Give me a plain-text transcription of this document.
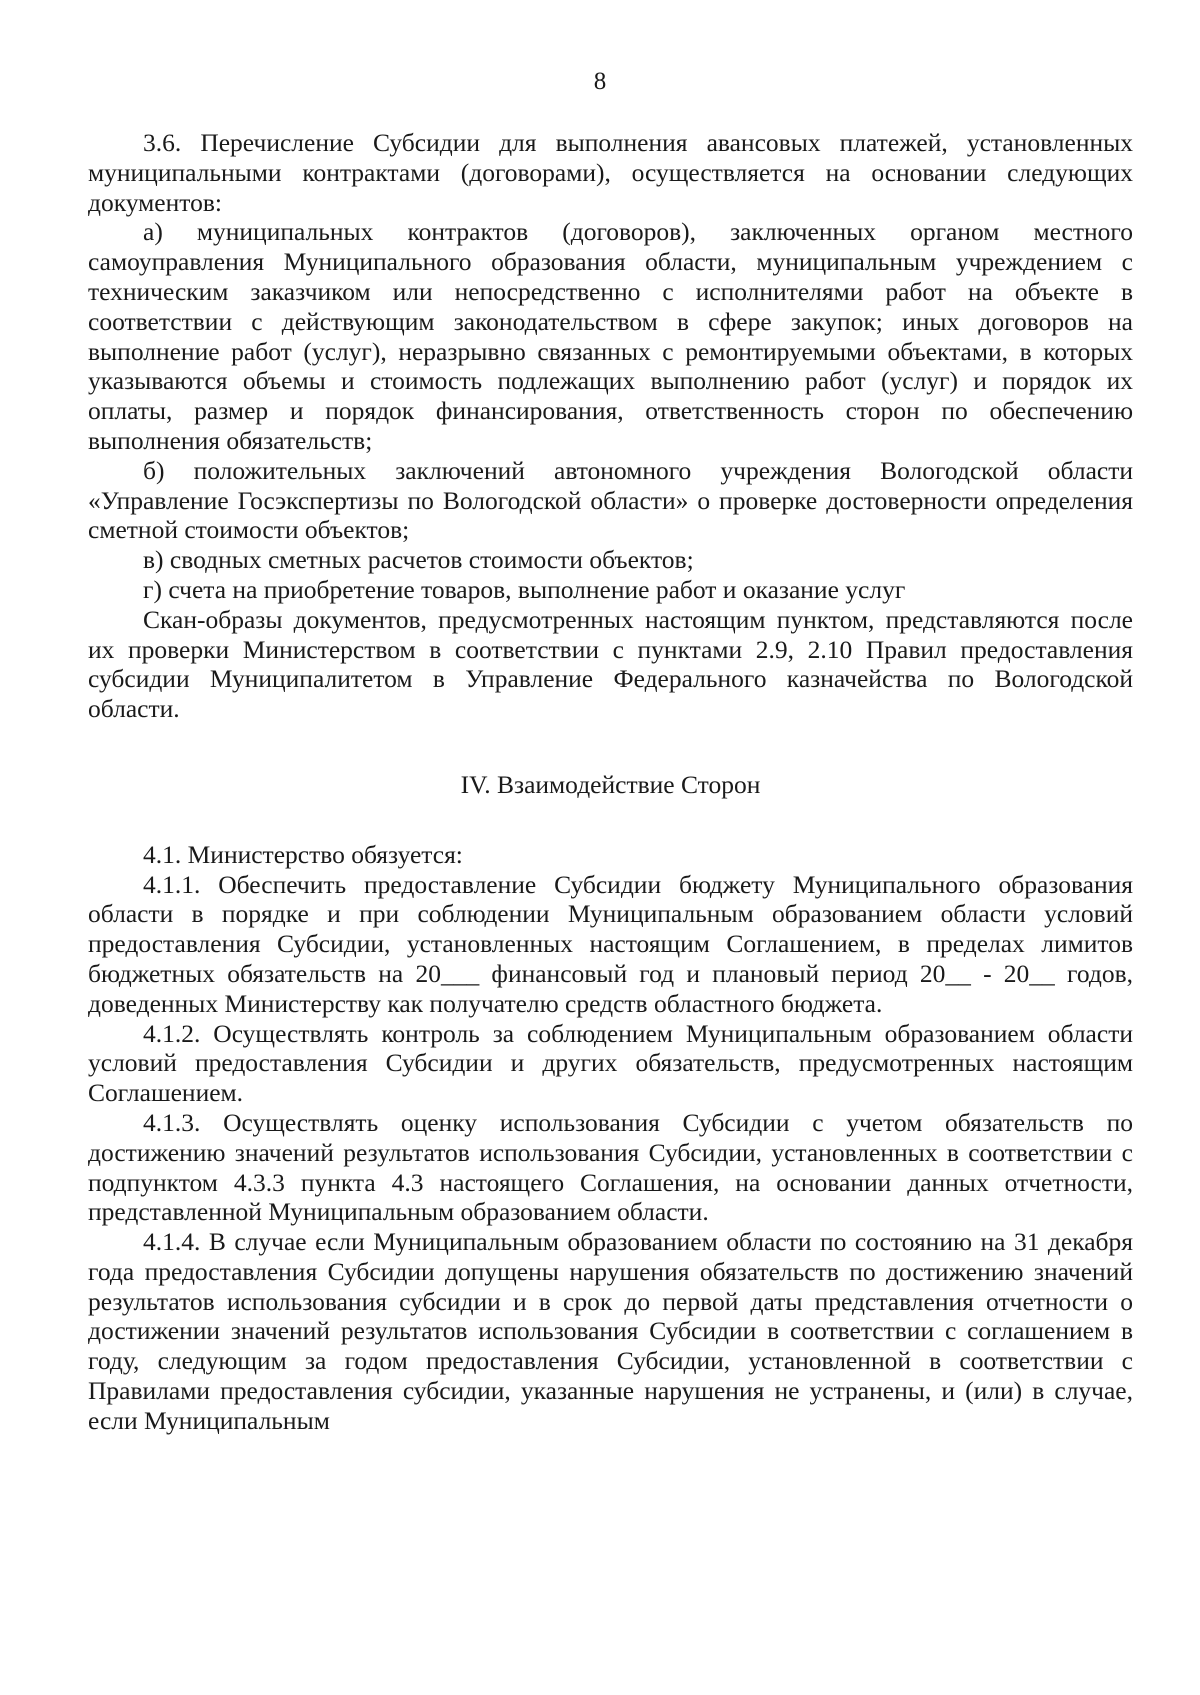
8

3.6. Перечисление Субсидии для выполнения авансовых платежей, установленных муниципальными контрактами (договорами), осуществляется на основании следующих документов:

а) муниципальных контрактов (договоров), заключенных органом местного самоуправления Муниципального образования области, муниципальным учреждением с техническим заказчиком или непосредственно с исполнителями работ на объекте в соответствии с действующим законодательством в сфере закупок; иных договоров на выполнение работ (услуг), неразрывно связанных с ремонтируемыми объектами, в которых указываются объемы и стоимость подлежащих выполнению работ (услуг) и порядок их оплаты, размер и порядок финансирования, ответственность сторон по обеспечению выполнения обязательств;

б) положительных заключений автономного учреждения Вологодской области «Управление Госэкспертизы по Вологодской области» о проверке достоверности определения сметной стоимости объектов;

в) сводных сметных расчетов стоимости объектов;

г) счета на приобретение товаров, выполнение работ и оказание услуг

Скан-образы документов, предусмотренных настоящим пунктом, представляются после их проверки Министерством в соответствии с пунктами 2.9, 2.10 Правил предоставления субсидии Муниципалитетом в Управление Федерального казначейства по Вологодской области.

IV. Взаимодействие Сторон

4.1. Министерство обязуется:

4.1.1. Обеспечить предоставление Субсидии бюджету Муниципального образования области в порядке и при соблюдении Муниципальным образованием области условий предоставления Субсидии, установленных настоящим Соглашением, в пределах лимитов бюджетных обязательств на 20___ финансовый год и плановый период 20__ - 20__ годов, доведенных Министерству как получателю средств областного бюджета.

4.1.2. Осуществлять контроль за соблюдением Муниципальным образованием области условий предоставления Субсидии и других обязательств, предусмотренных настоящим Соглашением.

4.1.3. Осуществлять оценку использования Субсидии с учетом обязательств по достижению значений результатов использования Субсидии, установленных в соответствии с подпунктом 4.3.3 пункта 4.3 настоящего Соглашения, на основании данных отчетности, представленной Муниципальным образованием области.

4.1.4. В случае если Муниципальным образованием области по состоянию на 31 декабря года предоставления Субсидии допущены нарушения обязательств по достижению значений результатов использования субсидии и в срок до первой даты представления отчетности о достижении значений результатов использования Субсидии в соответствии с соглашением в году, следующим за годом предоставления Субсидии, установленной в соответствии с Правилами предоставления субсидии, указанные нарушения не устранены, и (или) в случае, если Муниципальным
